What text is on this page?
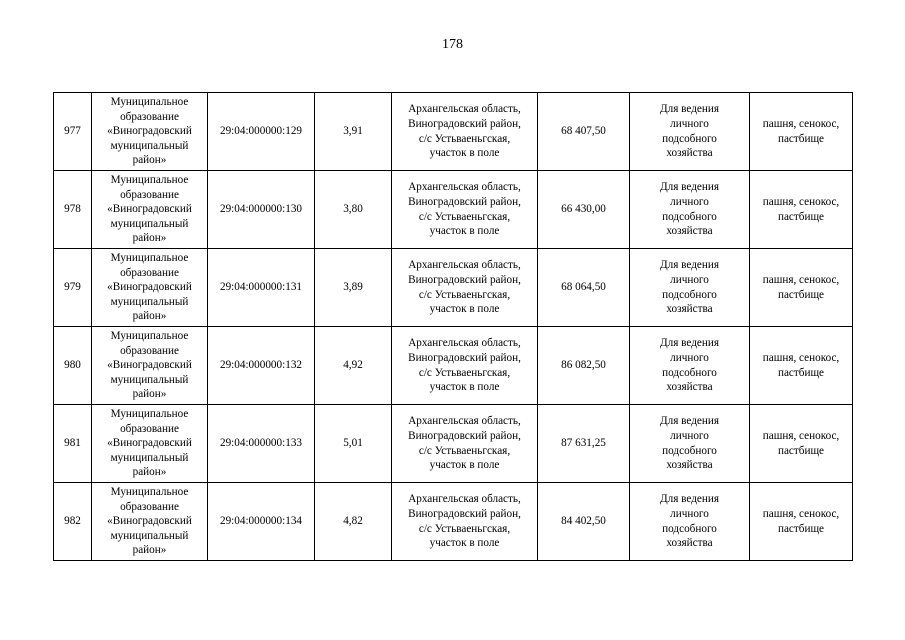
178
977	Муниципальное
образование
«Виноградовский
муниципальный
район»	29:04:000000:129	3,91	Архангельская область,
Виноградовский район,
с/с Устьваеньгская,
участок в поле	68 407,50	Для ведения
личного
подсобного
хозяйства	пашня, сенокос,
пастбище
978	Муниципальное
образование
«Виноградовский
муниципальный
район»	29:04:000000:130	3,80	Архангельская область,
Виноградовский район,
с/с Устьваеньгская,
участок в поле	66 430,00	Для ведения
личного
подсобного
хозяйства	пашня, сенокос,
пастбище
979	Муниципальное
образование
«Виноградовский
муниципальный
район»	29:04:000000:131	3,89	Архангельская область,
Виноградовский район,
с/с Устьваеньгская,
участок в поле	68 064,50	Для ведения
личного
подсобного
хозяйства	пашня, сенокос,
пастбище
980	Муниципальное
образование
«Виноградовский
муниципальный
район»	29:04:000000:132	4,92	Архангельская область,
Виноградовский район,
с/с Устьваеньгская,
участок в поле	86 082,50	Для ведения
личного
подсобного
хозяйства	пашня, сенокос,
пастбище
981	Муниципальное
образование
«Виноградовский
муниципальный
район»	29:04:000000:133	5,01	Архангельская область,
Виноградовский район,
с/с Устьваеньгская,
участок в поле	87 631,25	Для ведения
личного
подсобного
хозяйства	пашня, сенокос,
пастбище
982	Муниципальное
образование
«Виноградовский
муниципальный
район»	29:04:000000:134	4,82	Архангельская область,
Виноградовский район,
с/с Устьваеньгская,
участок в поле	84 402,50	Для ведения
личного
подсобного
хозяйства	пашня, сенокос,
пастбище
